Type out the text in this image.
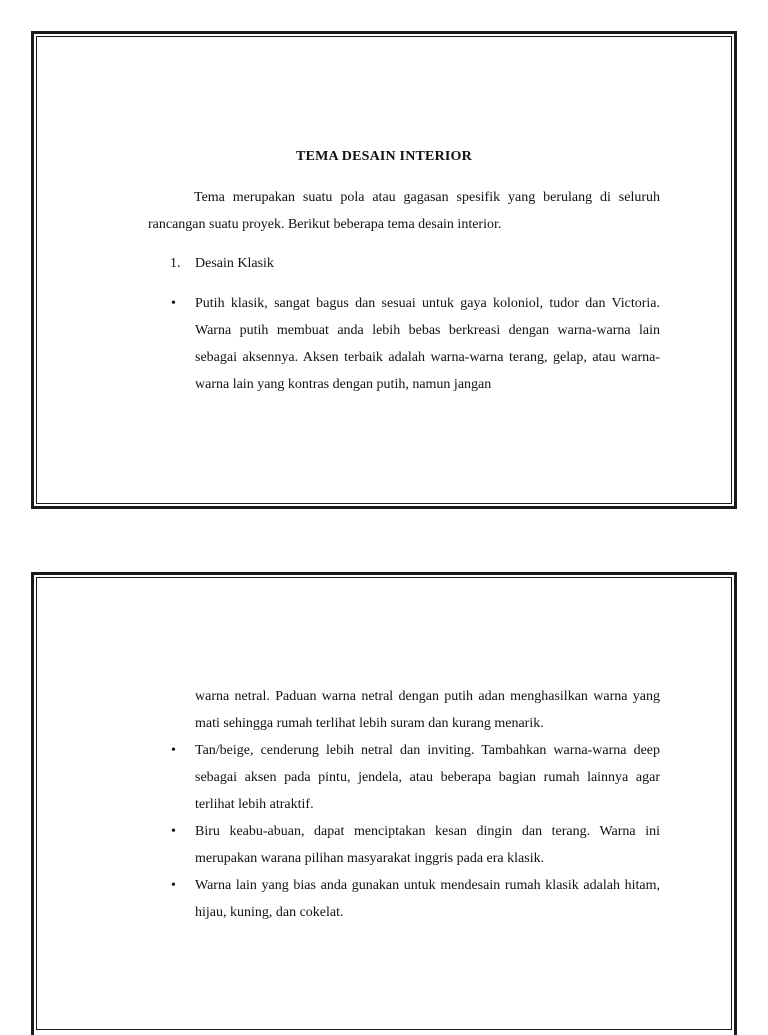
TEMA DESAIN INTERIOR

Tema merupakan suatu pola atau gagasan spesifik yang berulang di seluruh rancangan suatu proyek. Berikut beberapa tema desain interior.

1. Desain Klasik
• Putih klasik, sangat bagus dan sesuai untuk gaya koloniol, tudor dan Victoria. Warna putih membuat anda lebih bebas berkreasi dengan warna-warna lain sebagai aksennya. Aksen terbaik adalah warna-warna terang, gelap, atau warna-warna lain yang kontras dengan putih, namun jangan

warna netral. Paduan warna netral dengan putih adan menghasilkan warna yang mati sehingga rumah terlihat lebih suram dan kurang menarik.

• Tan/beige, cenderung lebih netral dan inviting. Tambahkan warna-warna deep sebagai aksen pada pintu, jendela, atau beberapa bagian rumah lainnya agar terlihat lebih atraktif.
• Biru keabu-abuan, dapat menciptakan kesan dingin dan terang. Warna ini merupakan warana pilihan masyarakat inggris pada era klasik.
• Warna lain yang bias anda gunakan untuk mendesain rumah klasik adalah hitam, hijau, kuning, dan cokelat.
